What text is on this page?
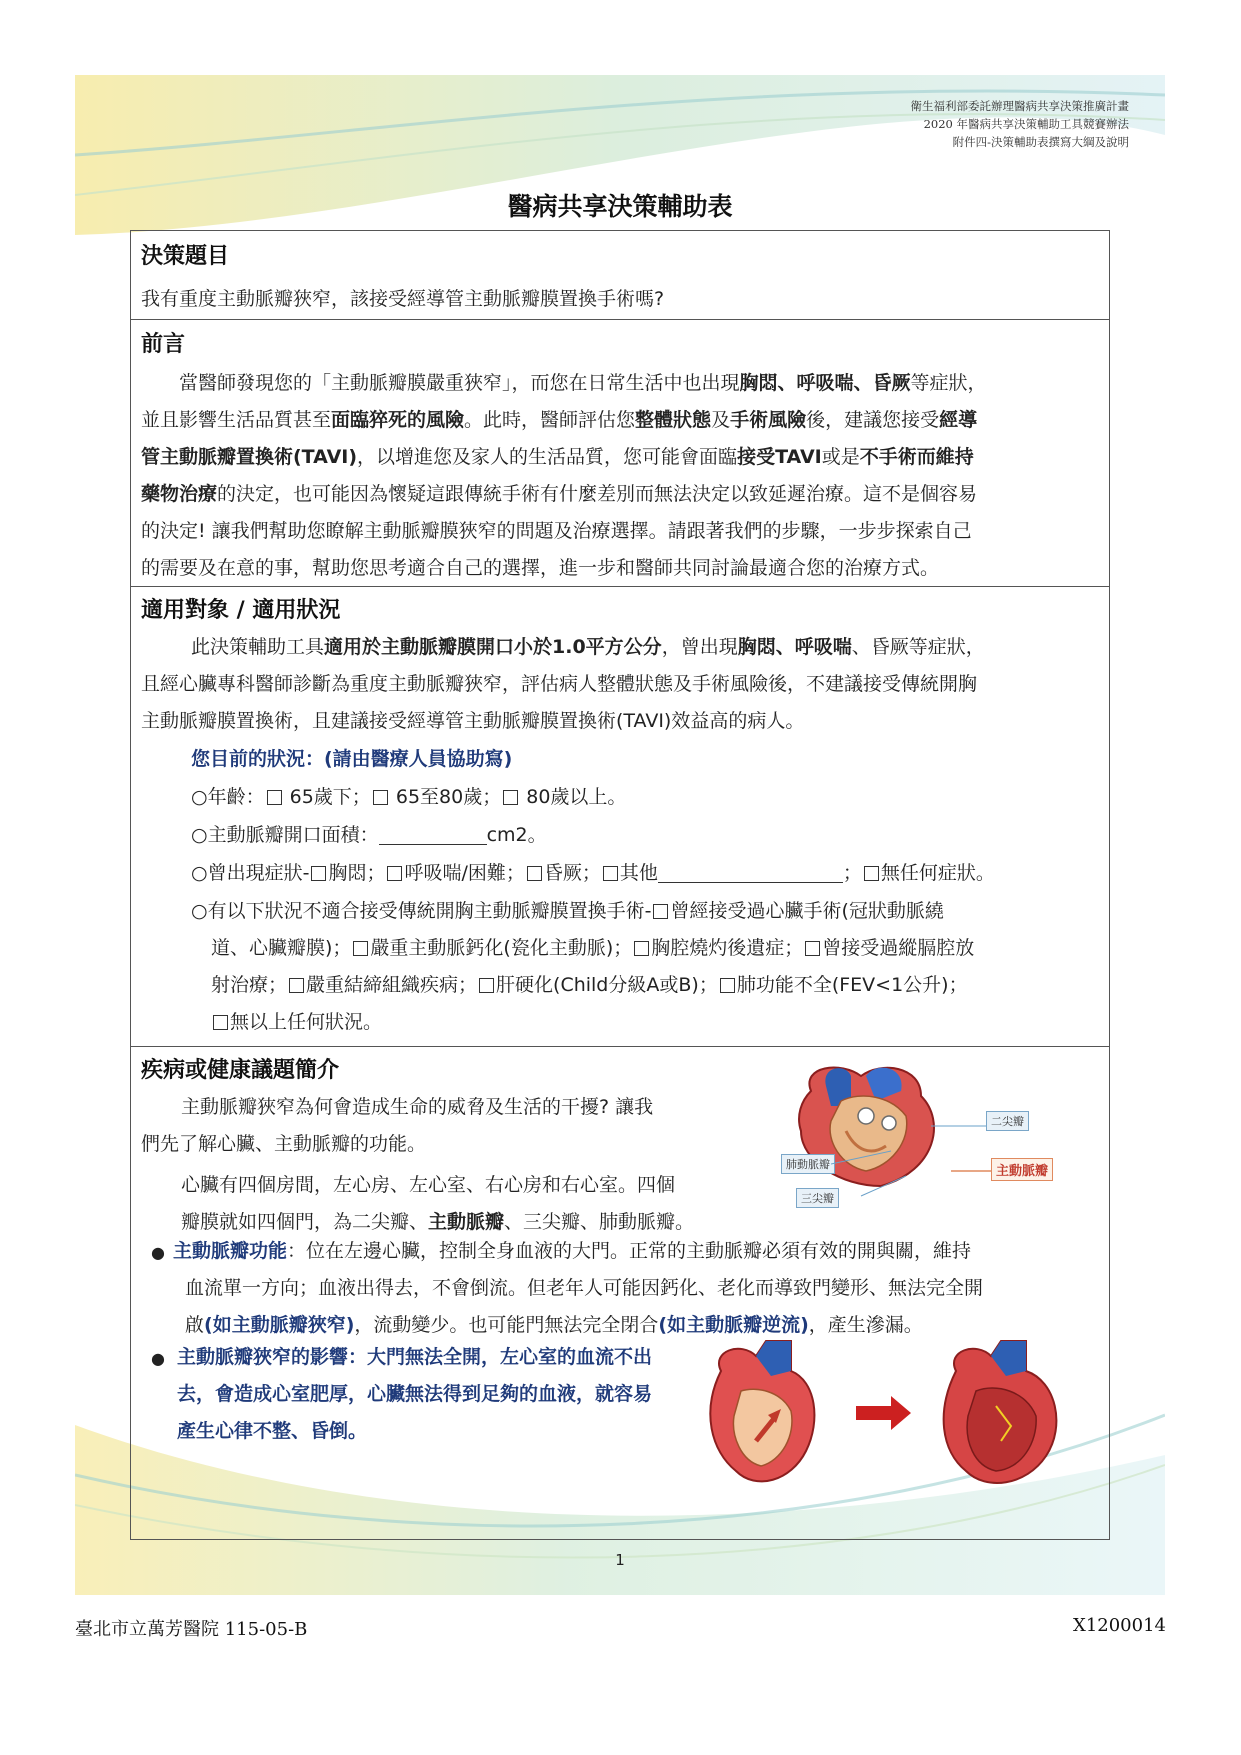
衛生福利部委託辦理醫病共享決策推廣計畫
2020 年醫病共享決策輔助工具競賽辦法
附件四-決策輔助表撰寫大綱及說明
醫病共享決策輔助表
決策題目
我有重度主動脈瓣狹窄，該接受經導管主動脈瓣膜置換手術嗎?
前言
當醫師發現您的「主動脈瓣膜嚴重狹窄」，而您在日常生活中也出現胸悶、呼吸喘、昏厥等症狀，
並且影響生活品質甚至面臨猝死的風險。此時，醫師評估您整體狀態及手術風險後，建議您接受經導
管主動脈瓣置換術(TAVI)，以增進您及家人的生活品質，您可能會面臨接受TAVI或是不手術而維持
藥物治療的決定，也可能因為懷疑這跟傳統手術有什麼差別而無法決定以致延遲治療。這不是個容易
的決定! 讓我們幫助您瞭解主動脈瓣膜狹窄的問題及治療選擇。請跟著我們的步驟，一步步探索自己
的需要及在意的事，幫助您思考適合自己的選擇，進一步和醫師共同討論最適合您的治療方式。
適用對象 / 適用狀況
此決策輔助工具適用於主動脈瓣膜開口小於1.0平方公分，曾出現胸悶、呼吸喘、昏厥等症狀，
且經心臟專科醫師診斷為重度主動脈瓣狹窄，評估病人整體狀態及手術風險後，不建議接受傳統開胸
主動脈瓣膜置換術，且建議接受經導管主動脈瓣膜置換術(TAVI)效益高的病人。
您目前的狀況：(請由醫療人員協助寫)
○年齡： 65歲下； 65至80歲； 80歲以上。
○主動脈瓣開口面積：	cm2。
○曾出現症狀- 胸悶； 呼吸喘/困難； 昏厥； 其他	； 無任何症狀。
○有以下狀況不適合接受傳統開胸主動脈瓣膜置換手術- 曾經接受過心臟手術(冠狀動脈繞
道、心臟瓣膜)； 嚴重主動脈鈣化(瓷化主動脈)； 胸腔燒灼後遺症； 曾接受過縱膈腔放
射治療； 嚴重結締組織疾病； 肝硬化(Child分級A或B)； 肺功能不全(FEV<1公升)；
無以上任何狀況。
疾病或健康議題簡介
主動脈瓣狹窄為何會造成生命的威脅及生活的干擾? 讓我
們先了解心臟、主動脈瓣的功能。
心臟有四個房間，左心房、左心室、右心房和右心室。四個
瓣膜就如四個門，為二尖瓣、主動脈瓣、三尖瓣、肺動脈瓣。
二尖瓣
肺動脈瓣
三尖瓣
主動脈瓣
● 主動脈瓣功能：位在左邊心臟，控制全身血液的大門。正常的主動脈瓣必須有效的開與關，維持
血流單一方向；血液出得去，不會倒流。但老年人可能因鈣化、老化而導致門變形、無法完全開
啟(如主動脈瓣狹窄)，流動變少。也可能門無法完全閉合(如主動脈瓣逆流)，產生滲漏。
● 主動脈瓣狹窄的影響：大門無法全開，左心室的血流不出
去，會造成心室肥厚，心臟無法得到足夠的血液，就容易
產生心律不整、昏倒。
1
臺北市立萬芳醫院 115-05-B	X1200014
